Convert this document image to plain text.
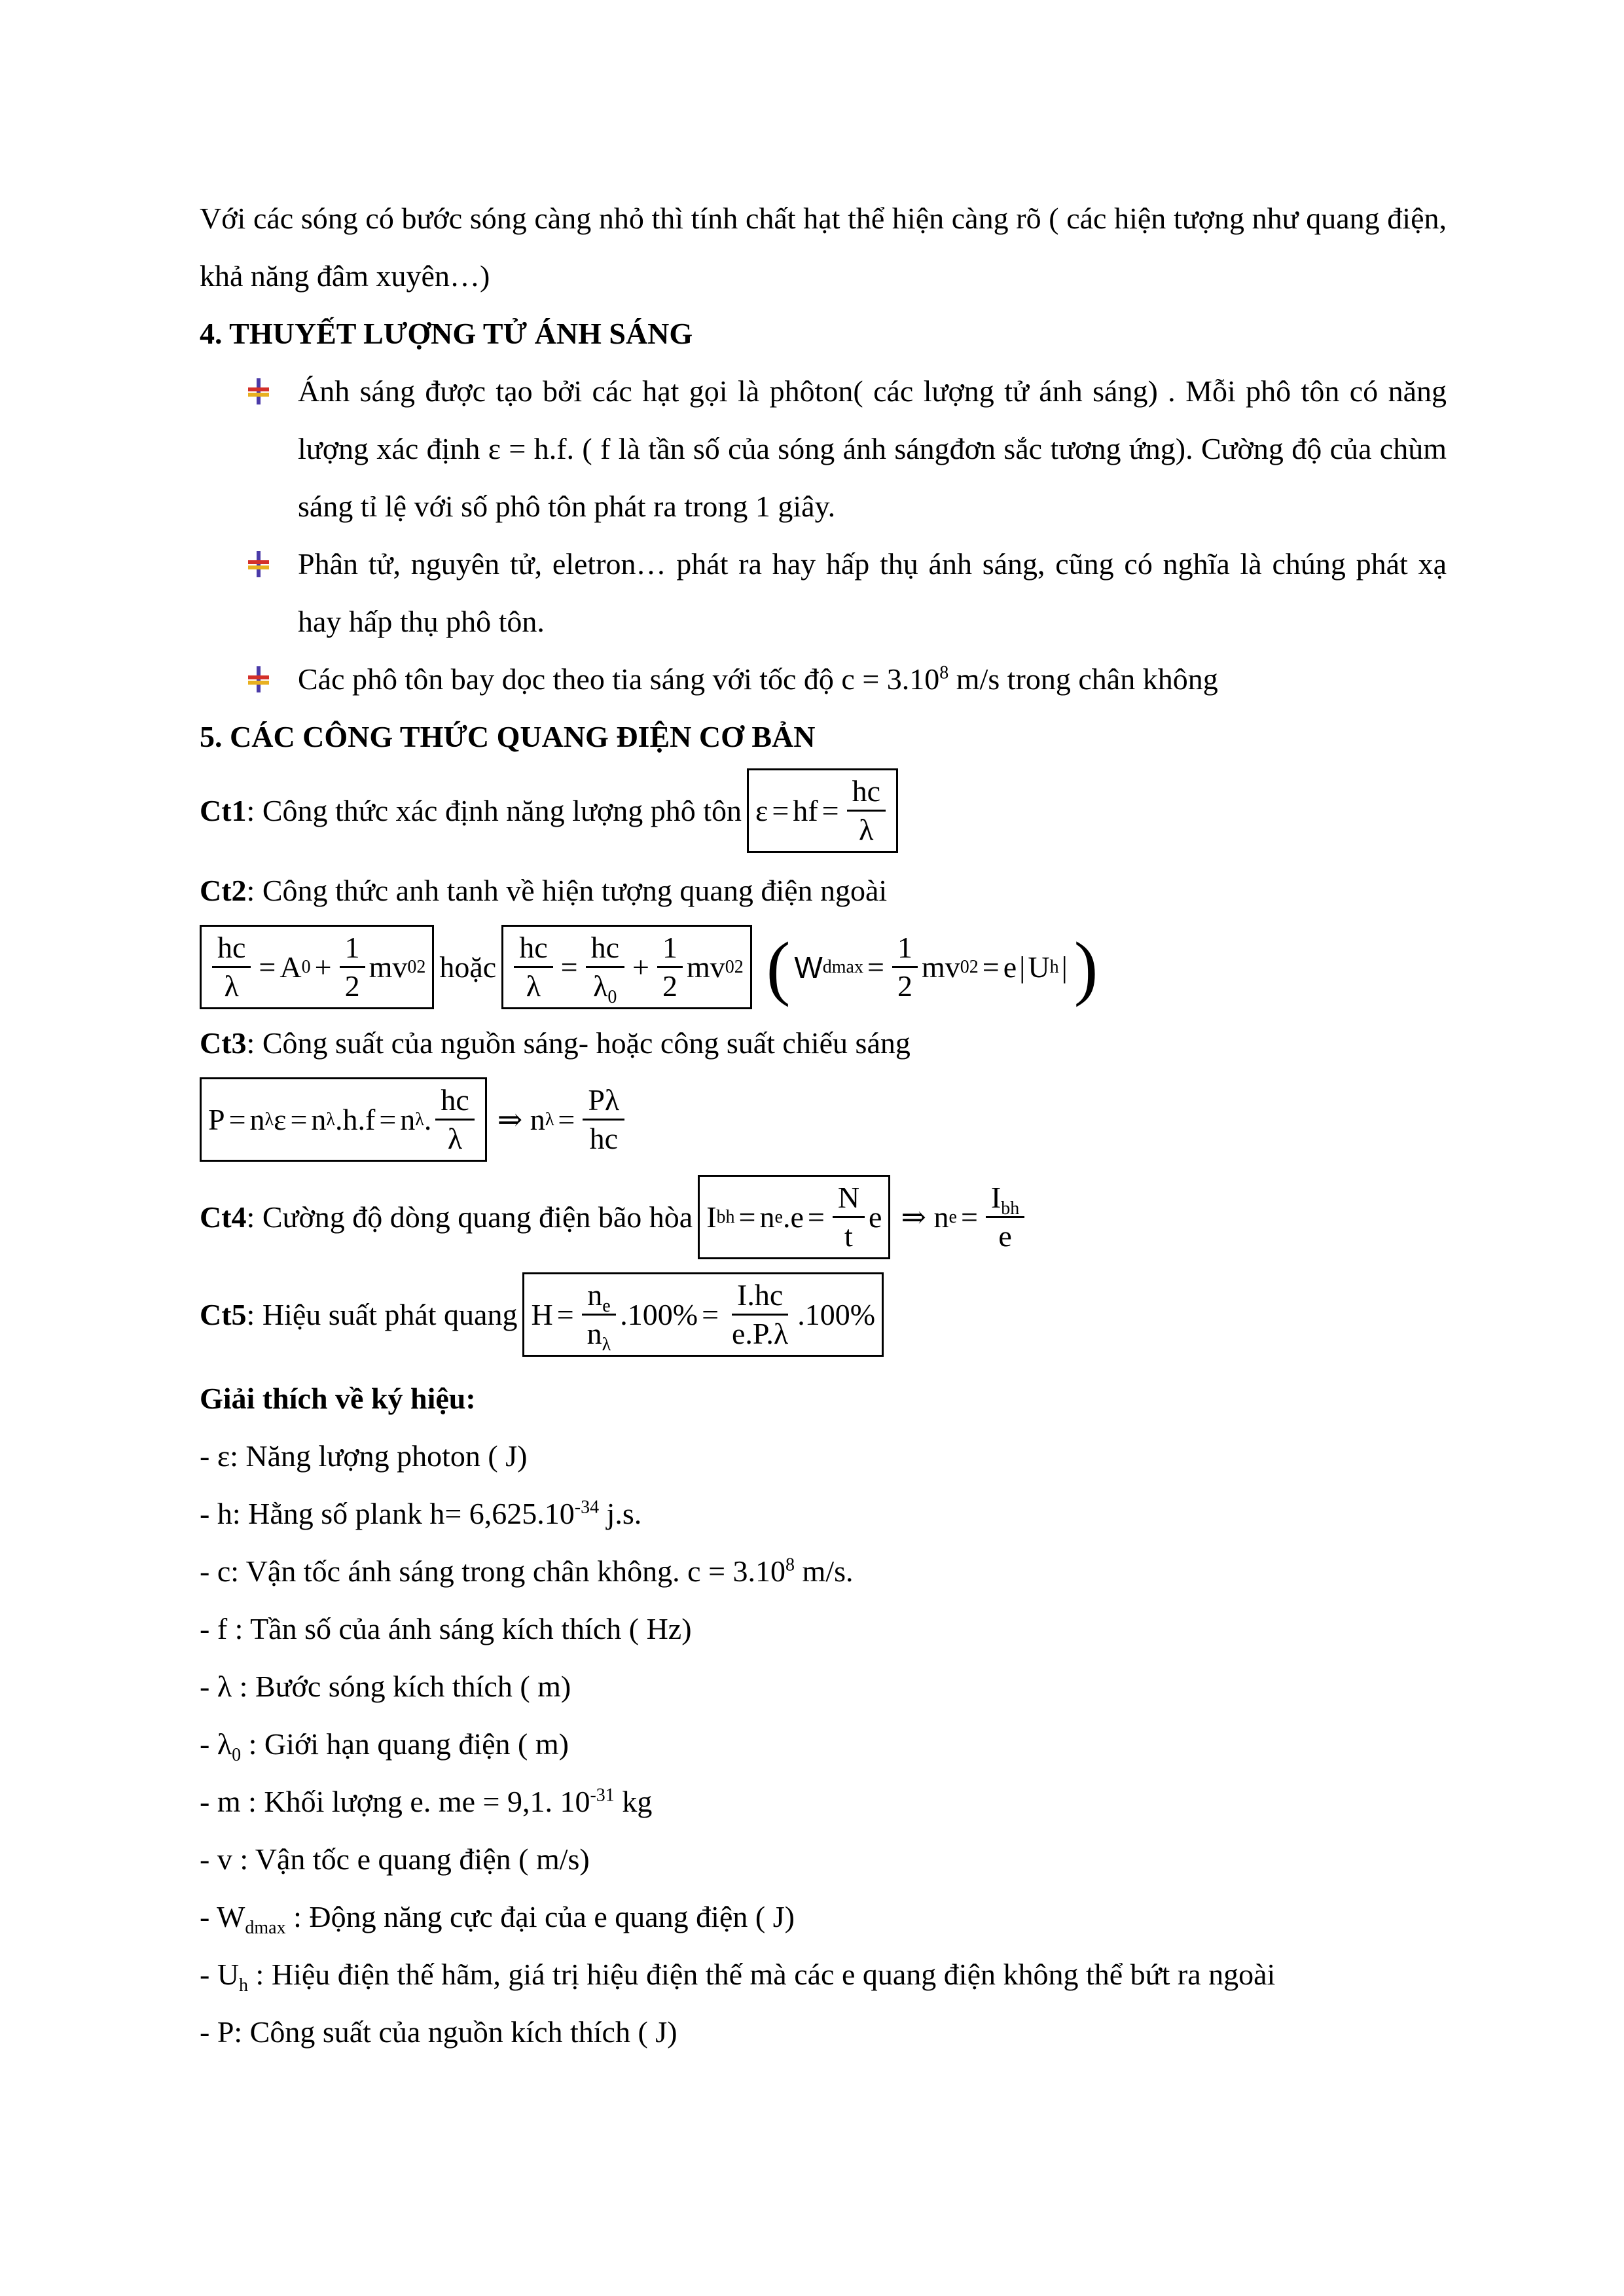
Với các sóng có bước sóng càng nhỏ thì tính chất hạt thể hiện càng rõ ( các hiện tượng như quang điện, khả năng đâm xuyên…)

4. THUYẾT LƯỢNG TỬ ÁNH SÁNG
Ánh sáng được tạo bởi các hạt gọi là phôton( các lượng tử ánh sáng) . Mỗi phô tôn có năng lượng xác định ε = h.f. ( f là tần số của sóng ánh sángđơn sắc tương ứng). Cường độ của chùm sáng tỉ lệ với số phô tôn phát ra trong 1 giây.
Phân tử, nguyên tử, eletron… phát ra hay hấp thụ ánh sáng, cũng có nghĩa là chúng phát xạ hay hấp thụ phô tôn.
Các phô tôn bay dọc theo tia sáng với tốc độ $c = 3.10^8$ m/s trong chân không
5. CÁC CÔNG THỨC QUANG ĐIỆN CƠ BẢN
Ct1: Công thức xác định năng lượng phô tôn ε = hf = $\frac{hc}{\lambda}$

Ct2: Công thức anh tanh về hiện tượng quang điện ngoài

$\frac{hc}{\lambda} = A$ $0 + \frac{1}{2}$ mv 0 2 hoặc $\frac{hc}{\lambda} = \frac{hc}{\lambda_0} + \frac{1}{2}$ mv 0 2 ( W $dmax = \frac{1}{2}$ mv 0 2 = e | U h | )

Ct3: Công suất của nguồn sáng- hoặc công suất chiếu sáng

P = n λ ε = n λ .h.f = n λ . $\frac{hc}{\lambda}$ ⇒ n $\lambda = \frac{P\lambda}{hc}$
Ct4: Cường độ dòng quang điện bão hòa I bh = n e $.e = \frac{N}{t}$ e ⇒ n $e = \frac{I_{bh}}{e}$
Ct5: Hiệu suất phát quang $H = \frac{n_e}{n_\lambda} .100\% = \frac{I.hc}{e.P.\lambda} .100\%$

Giải thích về ký hiệu:

- ε: Năng lượng photon ( J)

- h: Hằng số plank $h= 6,625.10^{-34}$ j.s.

- c: Vận tốc ánh sáng trong chân không. $c = 3.10^8$ m/s.

- f : Tần số của ánh sáng kích thích ( Hz)

- λ : Bước sóng kích thích ( m)

- $\lambda_0$ : Giới hạn quang điện ( m)

- m : Khối lượng e. me = 9,1. $10^{-31}$ kg

- v : Vận tốc e quang điện ( m/s)

- $W_{dmax}$ : Động năng cực đại của e quang điện ( J)

- $U_h$ : Hiệu điện thế hãm, giá trị hiệu điện thế mà các e quang điện không thể bứt ra ngoài

- P: Công suất của nguồn kích thích ( J)
